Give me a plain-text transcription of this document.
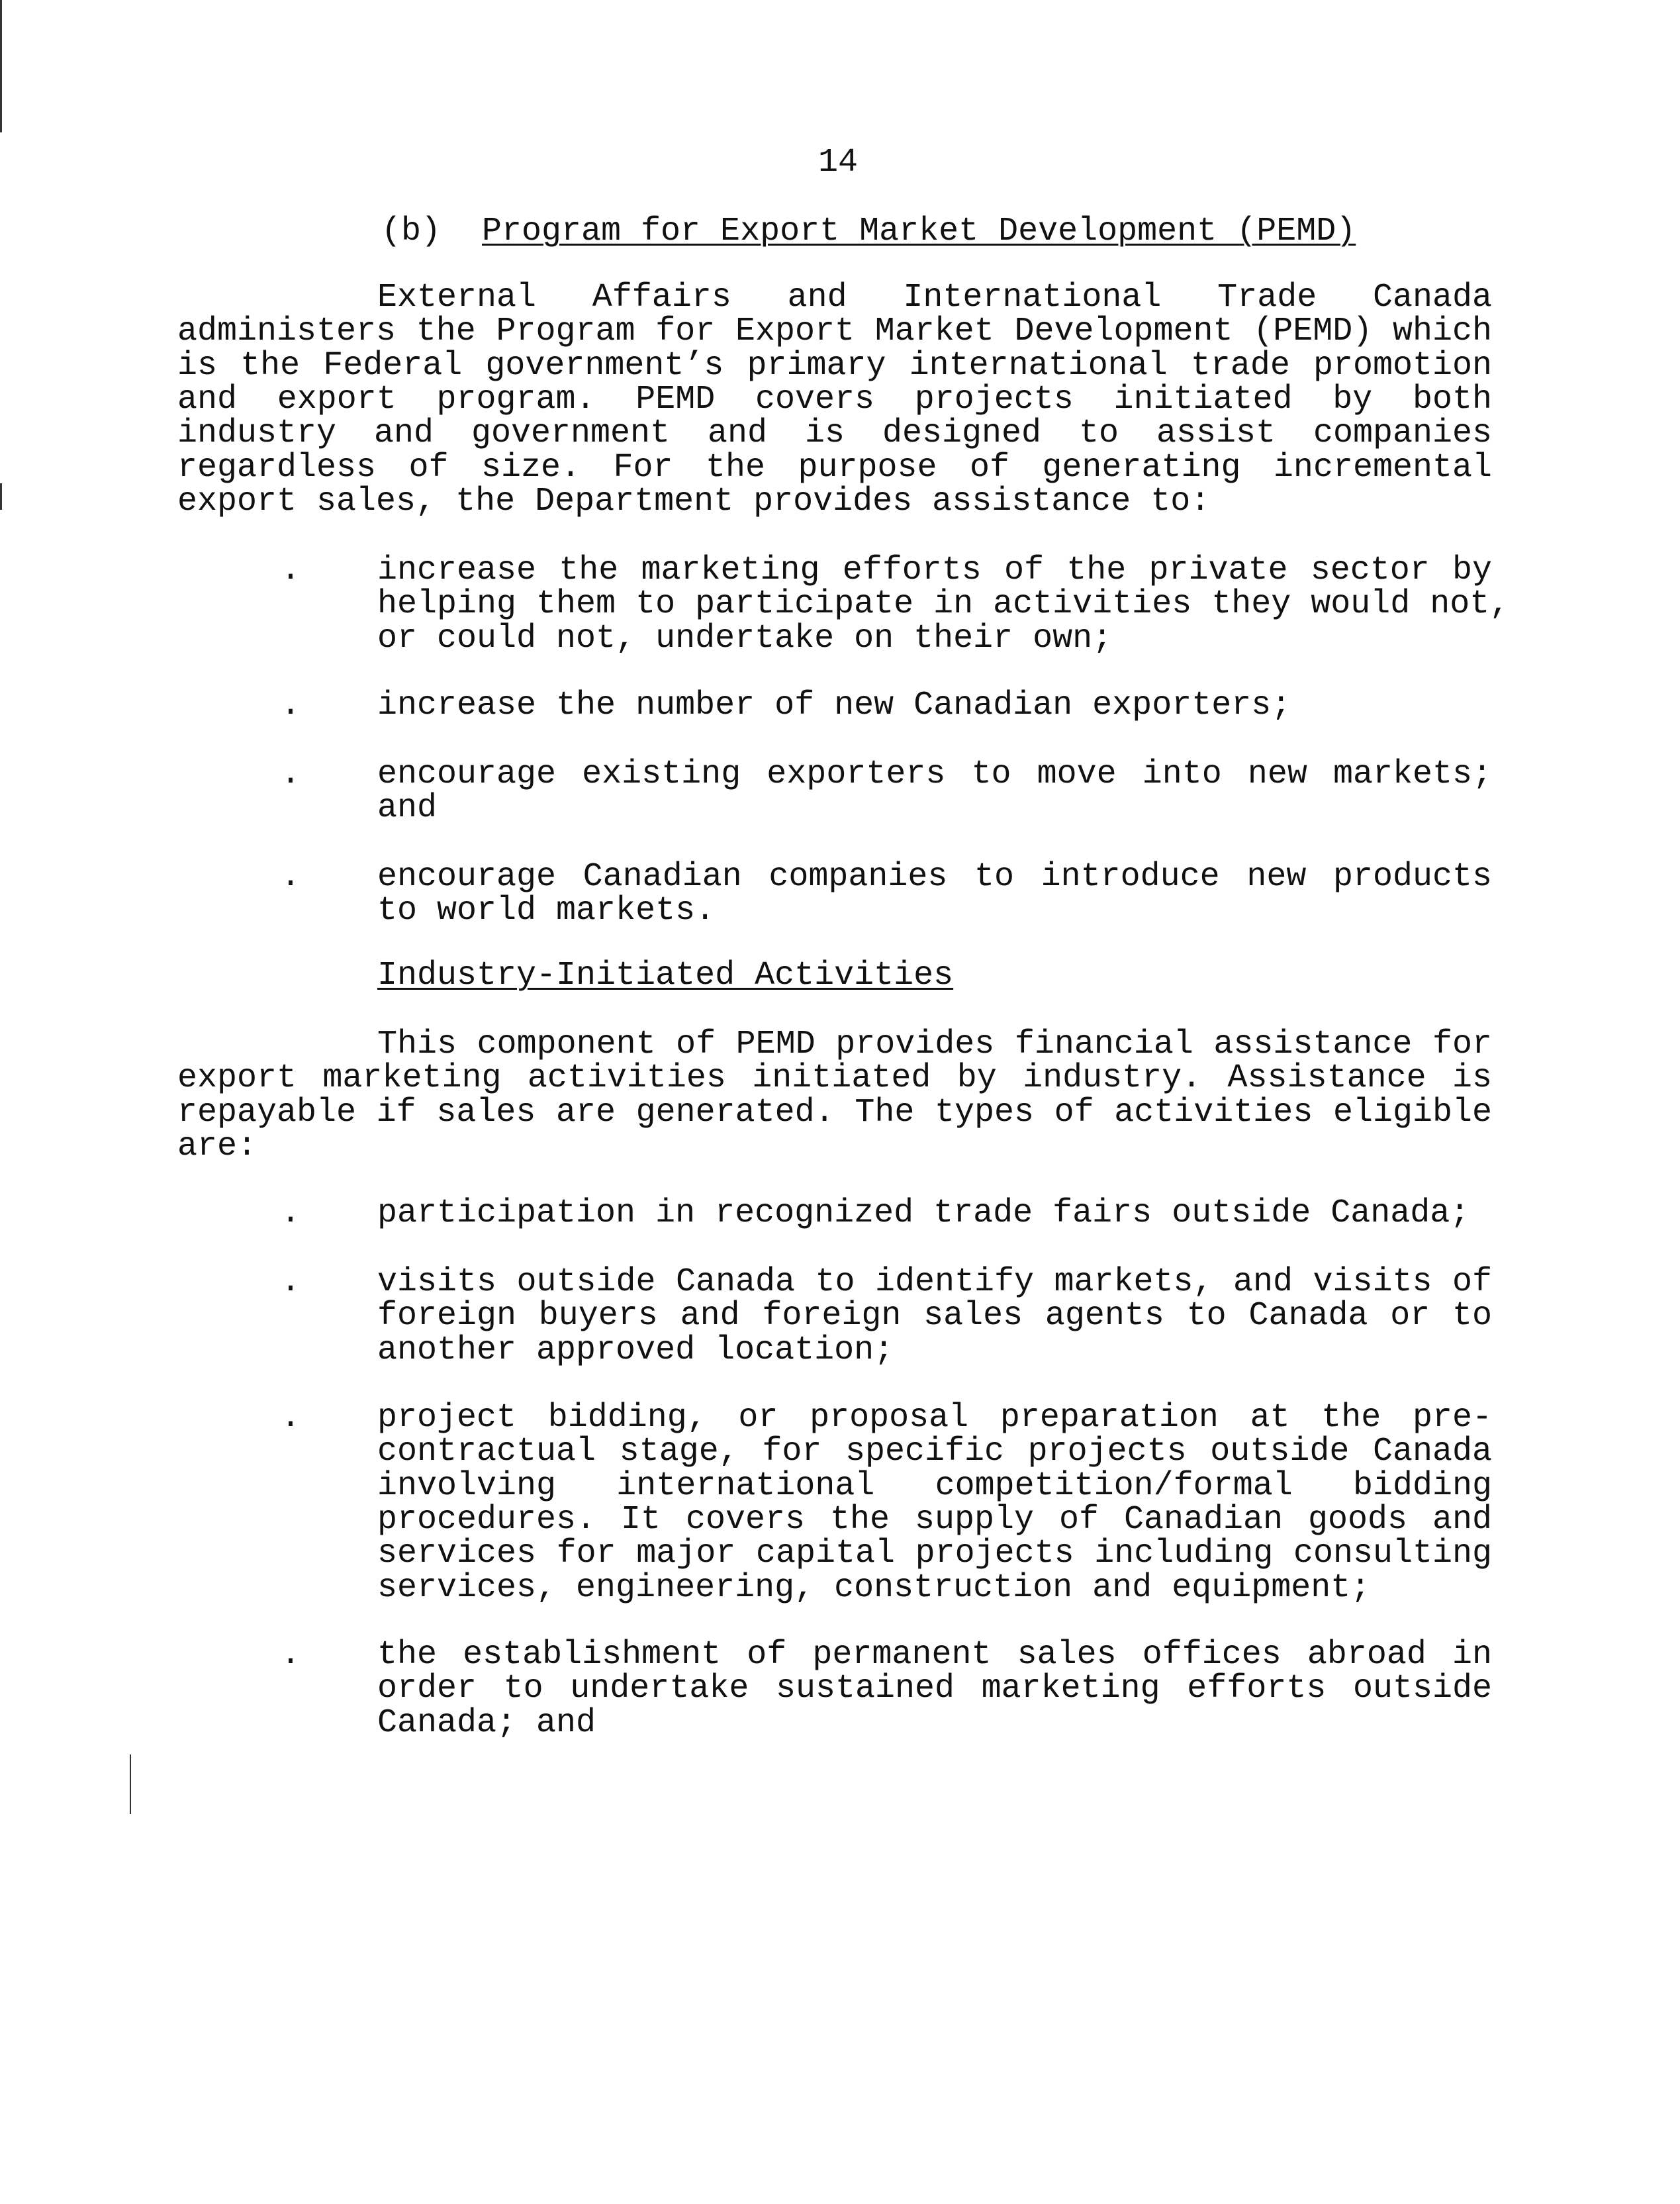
14
(b) Program for Export Market Development (PEMD)
External Affairs and International Trade Canada
administers the Program for Export Market Development (PEMD) which
is the Federal government’s primary international trade promotion
and export program. PEMD covers projects initiated by both
industry and government and is designed to assist companies
regardless of size. For the purpose of generating incremental
export sales, the Department provides assistance to:
. increase the marketing efforts of the private sector by
helping them to participate in activities they would not,
or could not, undertake on their own;
. increase the number of new Canadian exporters;
. encourage existing exporters to move into new markets;
and
. encourage Canadian companies to introduce new products
to world markets.
Industry-Initiated Activities
This component of PEMD provides financial assistance for
export marketing activities initiated by industry. Assistance is
repayable if sales are generated. The types of activities eligible
are:
. participation in recognized trade fairs outside Canada;
. visits outside Canada to identify markets, and visits of
foreign buyers and foreign sales agents to Canada or to
another approved location;
. project bidding, or proposal preparation at the pre-
contractual stage, for specific projects outside Canada
involving international competition/formal bidding
procedures. It covers the supply of Canadian goods and
services for major capital projects including consulting
services, engineering, construction and equipment;
. the establishment of permanent sales offices abroad in
order to undertake sustained marketing efforts outside
Canada; and
